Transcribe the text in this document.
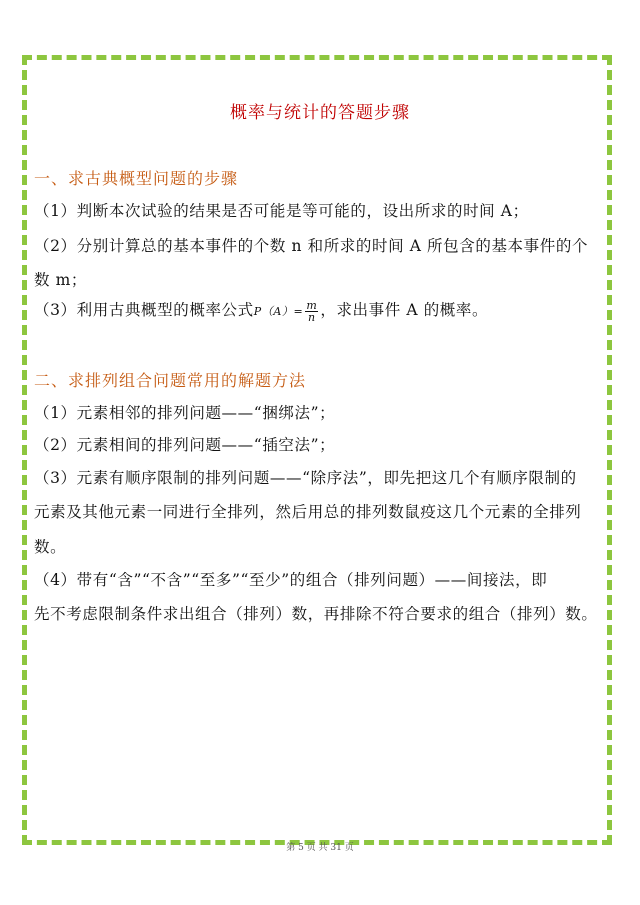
概率与统计的答题步骤
一、求古典概型问题的步骤
（1）判断本次试验的结果是否可能是等可能的，设出所求的时间 A；
（2）分别计算总的基本事件的个数 n 和所求的时间 A 所包含的基本事件的个
数 m；
（3）利用古典概型的概率公式$P(A)= \frac{m}{n}$ ，求出事件 A 的概率。
二、求排列组合问题常用的解题方法
（1）元素相邻的排列问题——“捆绑法”；
（2）元素相间的排列问题——“插空法”；
（3）元素有顺序限制的排列问题——“除序法”，即先把这几个有顺序限制的
元素及其他元素一同进行全排列，然后用总的排列数鼠疫这几个元素的全排列
数。
（4）带有“含”“不含”“至多”“至少”的组合（排列问题）——间接法，即
先不考虑限制条件求出组合（排列）数，再排除不符合要求的组合（排列）数。
第 5 页 共 31 页
